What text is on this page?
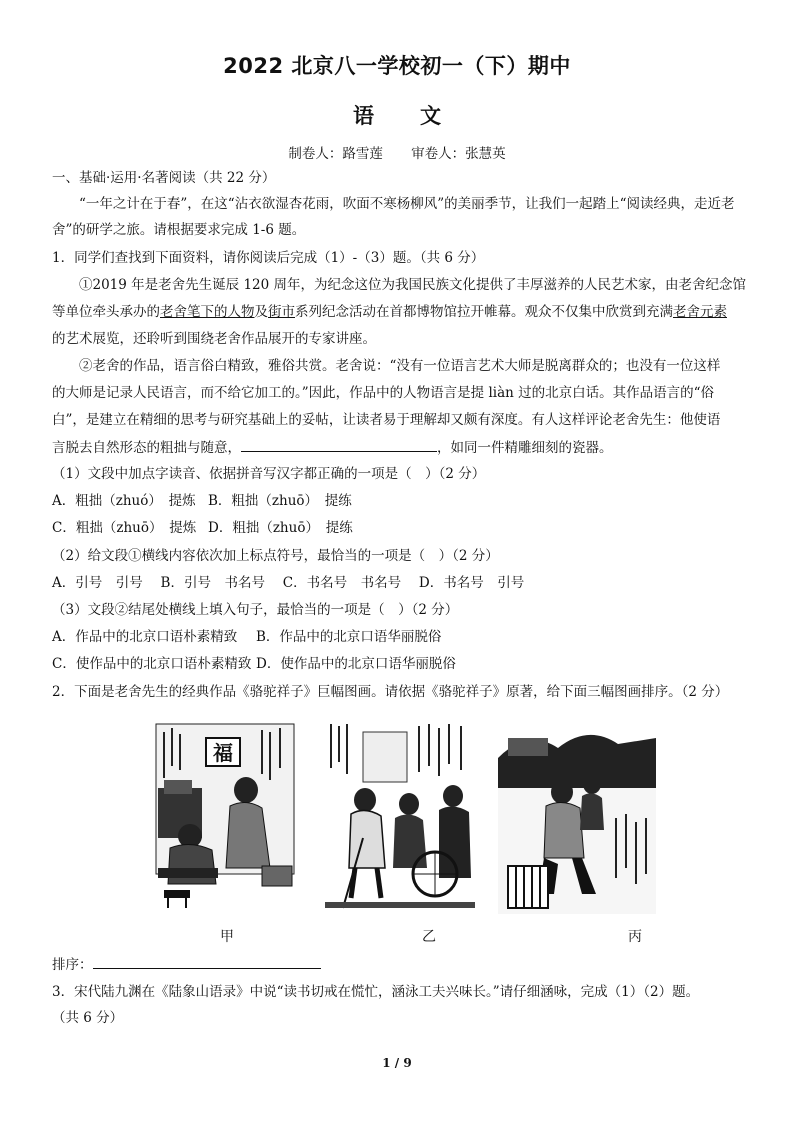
2022 北京八一学校初一（下）期中
语文
制卷人：路雪莲 审卷人：张慧英
一、基础·运用·名著阅读（共 22 分）
“一年之计在于春”，在这“沾衣欲湿杏花雨，吹面不寒杨柳风”的美丽季节，让我们一起踏上“阅读经典，走近老
舍”的研学之旅。请根据要求完成 1-6 题。
1．同学们查找到下面资料，请你阅读后完成（1）-（3）题。（共 6 分）
①2019 年是老舍先生诞辰 120 周年，为纪念这位为我国民族文化提供了丰厚滋养的人民艺术家，由老舍纪念馆
等单位牵头承办的老舍笔下的人物及街市系列纪念活动在首都博物馆拉开帷幕。观众不仅集中欣赏到充满老舍元素
的艺术展览，还聆听到围绕老舍作品展开的专家讲座。
②老舍的作品，语言俗白精致，雅俗共赏。老舍说：“没有一位语言艺术大师是脱离群众的；也没有一位这样
的大师是记录人民语言，而不给它加工的。”因此，作品中的人物语言是提 liàn 过的北京白话。其作品语言的“俗
白”，是建立在精细的思考与研究基础上的妥帖，让读者易于理解却又颇有深度。有人这样评论老舍先生：他使语
言脱去自然形态的粗拙与随意，	，如同一件精雕细刻的瓷器。
（1）文段中加点字读音、依据拼音写汉字都正确的一项是（　）（2 分）
A．粗拙（zhuó）　提炼 B．粗拙（zhuō）　提练
C．粗拙（zhuō）　提炼 D．粗拙（zhuō）　提练
（2）给文段①横线内容依次加上标点符号，最恰当的一项是（　）（2 分）
A．引号　引号　 B．引号　书名号　 C．书名号　书名号　 D．书名号　引号
（3）文段②结尾处横线上填入句子，最恰当的一项是（　）（2 分）
A．作品中的北京口语朴素精致 B．作品中的北京口语华丽脱俗
C．使作品中的北京口语朴素精致 D．使作品中的北京口语华丽脱俗
2．下面是老舍先生的经典作品《骆驼祥子》巨幅图画。请依据《骆驼祥子》原著，给下面三幅图画排序。（2 分）
福
甲	乙	丙
排序：
3．宋代陆九渊在《陆象山语录》中说“读书切戒在慌忙，涵泳工夫兴味长。”请仔细涵咏，完成（1）（2）题。
（共 6 分）
1 / 9
